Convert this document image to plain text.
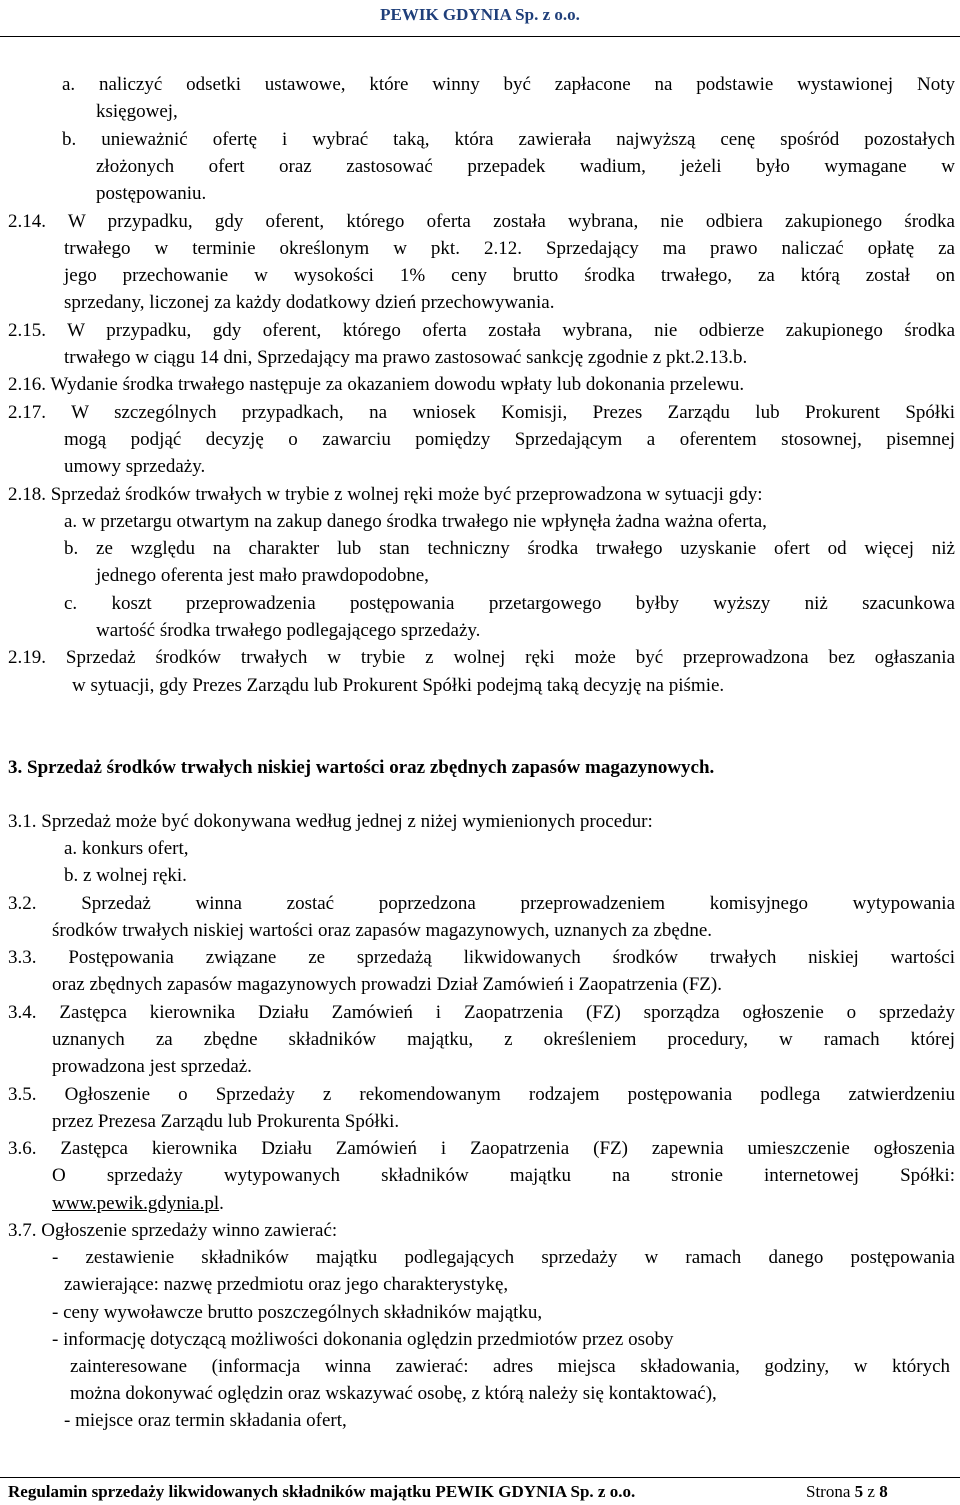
PEWIK GDYNIA Sp. z o.o.
a. naliczyć odsetki ustawowe, które winny być zapłacone na podstawie wystawionej Noty
księgowej,
b. unieważnić ofertę i wybrać taką, która zawierała najwyższą cenę spośród pozostałych
złożonych ofert oraz zastosować przepadek wadium, jeżeli było wymagane w
postępowaniu.
2.14. W przypadku, gdy oferent, którego oferta została wybrana, nie odbiera zakupionego środka
trwałego w terminie określonym w pkt. 2.12. Sprzedający ma prawo naliczać opłatę za
jego przechowanie w wysokości 1% ceny brutto środka trwałego, za którą został on
sprzedany, liczonej za każdy dodatkowy dzień przechowywania.
2.15. W przypadku, gdy oferent, którego oferta została wybrana, nie odbierze zakupionego środka
trwałego w ciągu 14 dni, Sprzedający ma prawo zastosować sankcję zgodnie z pkt.2.13.b.
2.16. Wydanie środka trwałego następuje za okazaniem dowodu wpłaty lub dokonania przelewu.
2.17. W szczególnych przypadkach, na wniosek Komisji, Prezes Zarządu lub Prokurent Spółki
mogą podjąć decyzję o zawarciu pomiędzy Sprzedającym a oferentem stosownej, pisemnej
umowy sprzedaży.
2.18. Sprzedaż środków trwałych w trybie z wolnej ręki może być przeprowadzona w sytuacji gdy:
a. w przetargu otwartym na zakup danego środka trwałego nie wpłynęła żadna ważna oferta,
b. ze względu na charakter lub stan techniczny środka trwałego uzyskanie ofert od więcej niż
jednego oferenta jest mało prawdopodobne,
c. koszt przeprowadzenia postępowania przetargowego byłby wyższy niż szacunkowa
wartość środka trwałego podlegającego sprzedaży.
2.19. Sprzedaż środków trwałych w trybie z wolnej ręki może być przeprowadzona bez ogłaszania
w sytuacji, gdy Prezes Zarządu lub Prokurent Spółki podejmą taką decyzję na piśmie.
3. Sprzedaż środków trwałych niskiej wartości oraz zbędnych zapasów magazynowych.
3.1. Sprzedaż może być dokonywana według jednej z niżej wymienionych procedur:
a. konkurs ofert,
b. z wolnej ręki.
3.2. Sprzedaż winna zostać poprzedzona przeprowadzeniem komisyjnego wytypowania
środków trwałych niskiej wartości oraz zapasów magazynowych, uznanych za zbędne.
3.3. Postępowania związane ze sprzedażą likwidowanych środków trwałych niskiej wartości
oraz zbędnych zapasów magazynowych prowadzi Dział Zamówień i Zaopatrzenia (FZ).
3.4. Zastępca kierownika Działu Zamówień i Zaopatrzenia (FZ) sporządza ogłoszenie o sprzedaży
uznanych za zbędne składników majątku, z określeniem procedury, w ramach której
prowadzona jest sprzedaż.
3.5. Ogłoszenie o Sprzedaży z rekomendowanym rodzajem postępowania podlega zatwierdzeniu
przez Prezesa Zarządu lub Prokurenta Spółki.
3.6. Zastępca kierownika Działu Zamówień i Zaopatrzenia (FZ) zapewnia umieszczenie ogłoszenia
O sprzedaży wytypowanych składników majątku na stronie internetowej Spółki:
www.pewik.gdynia.pl.
3.7. Ogłoszenie sprzedaży winno zawierać:
- zestawienie składników majątku podlegających sprzedaży w ramach danego postępowania
zawierające: nazwę przedmiotu oraz jego charakterystykę,
- ceny wywoławcze brutto poszczególnych składników majątku,
- informację dotyczącą możliwości dokonania oględzin przedmiotów przez osoby
zainteresowane (informacja winna zawierać: adres miejsca składowania, godziny, w których
można dokonywać oględzin oraz wskazywać osobę, z którą należy się kontaktować),
- miejsce oraz termin składania ofert,
Regulamin sprzedaży likwidowanych składników majątku PEWIK GDYNIA Sp. z o.o.	Strona 5 z 8
